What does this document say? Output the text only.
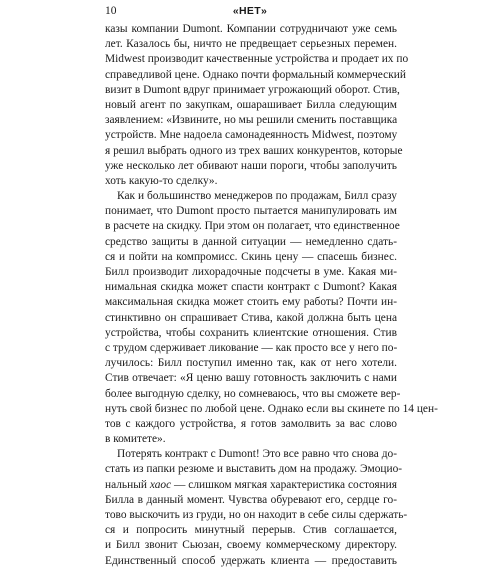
10	«НЕТ»
казы компании Dumont. Компании сотрудничают уже семь
лет. Казалось бы, ничто не предвещает серьезных перемен.
Midwest производит качественные устройства и продает их по
справедливой цене. Однако почти формальный коммерческий
визит в Dumont вдруг принимает угрожающий оборот. Стив,
новый агент по закупкам, ошарашивает Билла следующим
заявлением: «Извините, но мы решили сменить поставщика
устройств. Мне надоела самонадеянность Midwest, поэтому
я решил выбрать одного из трех ваших конкурентов, которые
уже несколько лет обивают наши пороги, чтобы заполучить
хоть какую-то сделку».
Как и большинство менеджеров по продажам, Билл сразу
понимает, что Dumont просто пытается манипулировать им
в расчете на скидку. При этом он полагает, что единственное
средство защиты в данной ситуации — немедленно сдать-
ся и пойти на компромисс. Скинь цену — спасешь бизнес.
Билл производит лихорадочные подсчеты в уме. Какая ми-
нимальная скидка может спасти контракт с Dumont? Какая
максимальная скидка может стоить ему работы? Почти ин-
стинктивно он спрашивает Стива, какой должна быть цена
устройства, чтобы сохранить клиентские отношения. Стив
с трудом сдерживает ликование — как просто все у него по-
лучилось: Билл поступил именно так, как от него хотели.
Стив отвечает: «Я ценю вашу готовность заключить с нами
более выгодную сделку, но сомневаюсь, что вы сможете вер-
нуть свой бизнес по любой цене. Однако если вы скинете по 14 цен-
тов с каждого устройства, я готов замолвить за вас слово
в комитете».
Потерять контракт с Dumont! Это все равно что снова до-
стать из папки резюме и выставить дом на продажу. Эмоцио-
нальный хаос — слишком мягкая характеристика состояния
Билла в данный момент. Чувства обуревают его, сердце го-
тово выскочить из груди, но он находит в себе силы сдержать-
ся и попросить минутный перерыв. Стив соглашается,
и Билл звонит Сьюзан, своему коммерческому директору.
Единственный способ удержать клиента — предоставить
